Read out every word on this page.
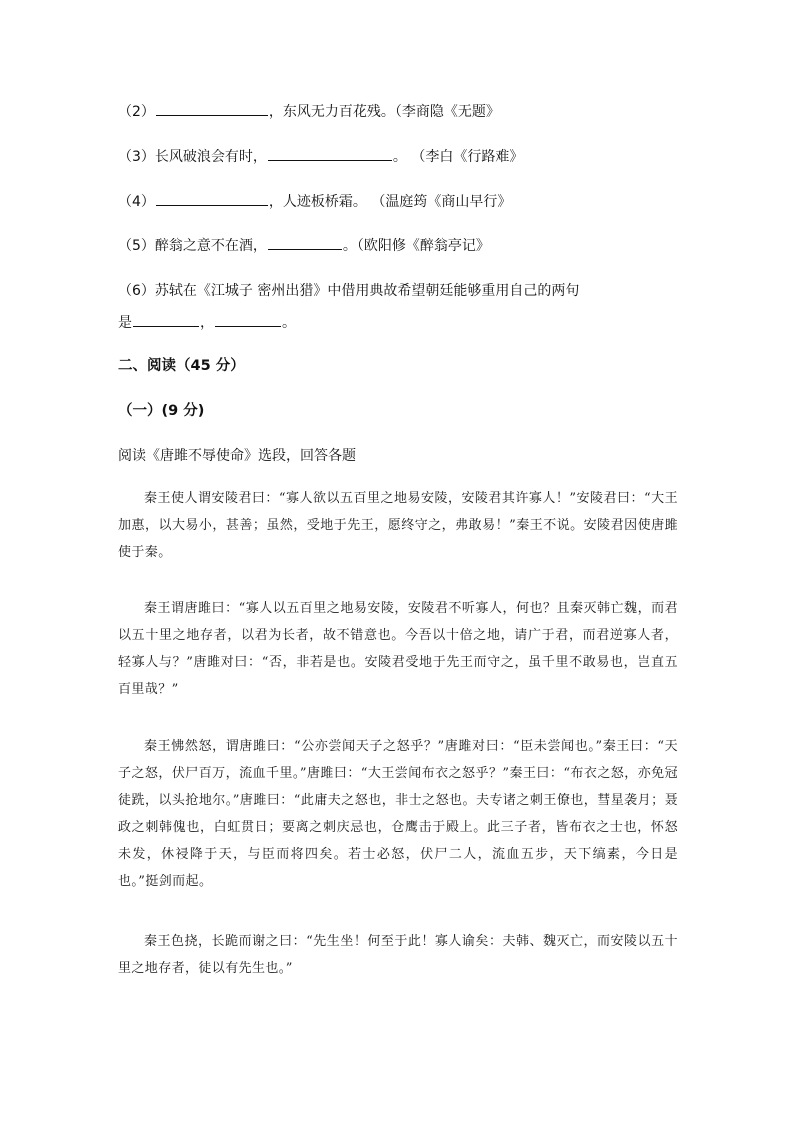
（2）	，东风无力百花残。（李商隐《无题》
（3）长风破浪会有时，	。 （李白《行路难》
（4）	，人迹板桥霜。 （温庭筠《商山早行》
（5）醉翁之意不在酒，	。（欧阳修《醉翁亭记》
（6）苏轼在《江城子 密州出猎》中借用典故希望朝廷能够重用自己的两句
是	，	。
二、阅读（45 分）
（一）(9 分)
阅读《唐雎不辱使命》选段，回答各题

秦王使人谓安陵君曰：“寡人欲以五百里之地易安陵，安陵君其许寡人！”安陵君曰：“大王加惠，以大易小，甚善；虽然，受地于先王，愿终守之，弗敢易！”秦王不说。安陵君因使唐雎使于秦。

秦王谓唐雎曰：“寡人以五百里之地易安陵，安陵君不听寡人，何也？且秦灭韩亡魏，而君以五十里之地存者，以君为长者，故不错意也。今吾以十倍之地，请广于君，而君逆寡人者，轻寡人与？”唐雎对曰：“否，非若是也。安陵君受地于先王而守之，虽千里不敢易也，岂直五百里哉？”

秦王怫然怒，谓唐雎曰：“公亦尝闻天子之怒乎？”唐雎对曰：“臣未尝闻也。”秦王曰：“天子之怒，伏尸百万，流血千里。”唐雎曰：“大王尝闻布衣之怒乎？”秦王曰：“布衣之怒，亦免冠徒跣，以头抢地尔。”唐雎曰：“此庸夫之怒也，非士之怒也。夫专诸之刺王僚也，彗星袭月；聂政之刺韩傀也，白虹贯日；要离之刺庆忌也，仓鹰击于殿上。此三子者，皆布衣之士也，怀怒未发，休祲降于天，与臣而将四矣。若士必怒，伏尸二人，流血五步，天下缟素，今日是也。”挺剑而起。

秦王色挠，长跪而谢之曰：“先生坐！何至于此！寡人谕矣：夫韩、魏灭亡，而安陵以五十里之地存者，徒以有先生也。”
